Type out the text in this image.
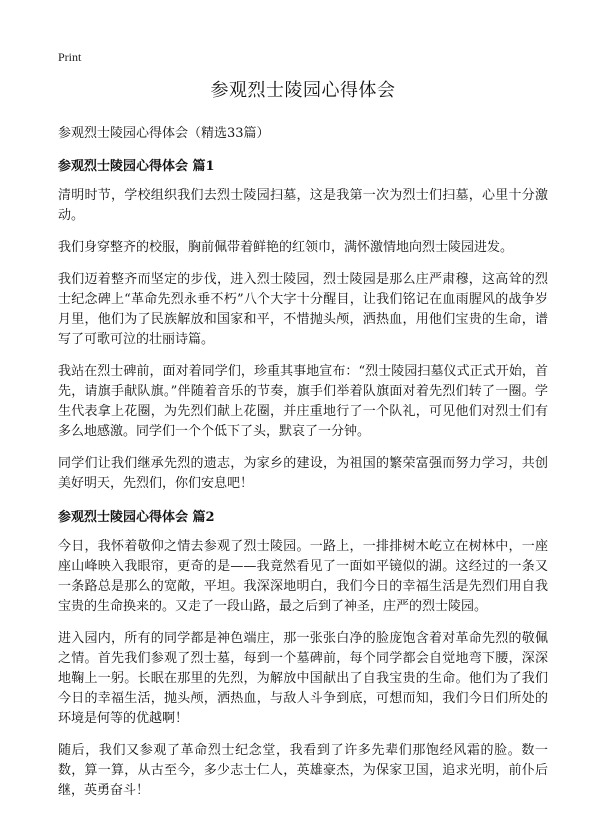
Print
参观烈士陵园心得体会

参观烈士陵园心得体会（精选33篇）

参观烈士陵园心得体会 篇1

清明时节，学校组织我们去烈士陵园扫墓，这是我第一次为烈士们扫墓，心里十分激动。

我们身穿整齐的校服，胸前佩带着鲜艳的红领巾，满怀激情地向烈士陵园进发。

我们迈着整齐而坚定的步伐，进入烈士陵园，烈士陵园是那么庄严肃穆，这高耸的烈士纪念碑上“革命先烈永垂不朽”八个大字十分醒目，让我们铭记在血雨腥风的战争岁月里，他们为了民族解放和国家和平，不惜抛头颅，洒热血，用他们宝贵的生命，谱写了可歌可泣的壮丽诗篇。

我站在烈士碑前，面对着同学们，珍重其事地宣布：“烈士陵园扫墓仪式正式开始，首先，请旗手献队旗。”伴随着音乐的节奏，旗手们举着队旗面对着先烈们转了一圈。学生代表拿上花圈，为先烈们献上花圈，并庄重地行了一个队礼，可见他们对烈士们有多么地感激。同学们一个个低下了头，默哀了一分钟。

同学们让我们继承先烈的遗志，为家乡的建设，为祖国的繁荣富强而努力学习，共创美好明天，先烈们，你们安息吧！

参观烈士陵园心得体会 篇2

今日，我怀着敬仰之情去参观了烈士陵园。一路上，一排排树木屹立在树林中，一座座山峰映入我眼帘，更奇的是——我竟然看见了一面如平镜似的湖。这经过的一条又一条路总是那么的宽敞，平坦。我深深地明白，我们今日的幸福生活是先烈们用自我宝贵的生命换来的。又走了一段山路，最之后到了神圣，庄严的烈士陵园。

进入园内，所有的同学都是神色端庄，那一张张白净的脸庞饱含着对革命先烈的敬佩之情。首先我们参观了烈士墓，每到一个墓碑前，每个同学都会自觉地弯下腰，深深地鞠上一躬。长眠在那里的先烈，为解放中国献出了自我宝贵的生命。他们为了我们今日的幸福生活，抛头颅，洒热血，与敌人斗争到底，可想而知，我们今日们所处的环境是何等的优越啊！

随后，我们又参观了革命烈士纪念堂，我看到了许多先辈们那饱经风霜的脸。数一数，算一算，从古至今，多少志士仁人，英雄豪杰，为保家卫国，追求光明，前仆后继，英勇奋斗！
